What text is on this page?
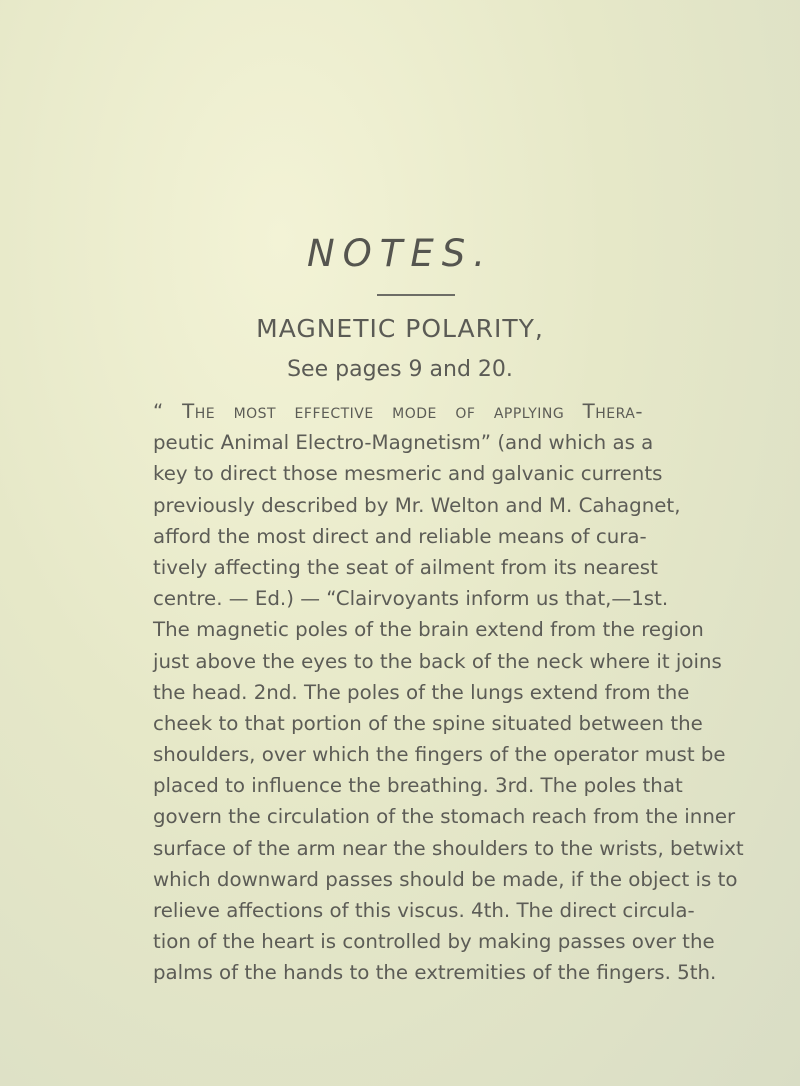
NOTES.
MAGNETIC POLARITY,
See pages 9 and 20.
“ The most effective mode of applying Thera-
peutic Animal Electro-Magnetism” (and which as a
key to direct those mesmeric and galvanic currents
previously described by Mr. Welton and M. Cahagnet,
afford the most direct and reliable means of cura-
tively affecting the seat of ailment from its nearest
centre. — Ed.) — “Clairvoyants inform us that,—1st.
The magnetic poles of the brain extend from the region
just above the eyes to the back of the neck where it joins
the head. 2nd. The poles of the lungs extend from the
cheek to that portion of the spine situated between the
shoulders, over which the fingers of the operator must be
placed to influence the breathing. 3rd. The poles that
govern the circulation of the stomach reach from the inner
surface of the arm near the shoulders to the wrists, betwixt
which downward passes should be made, if the object is to
relieve affections of this viscus. 4th. The direct circula-
tion of the heart is controlled by making passes over the
palms of the hands to the extremities of the fingers. 5th.
